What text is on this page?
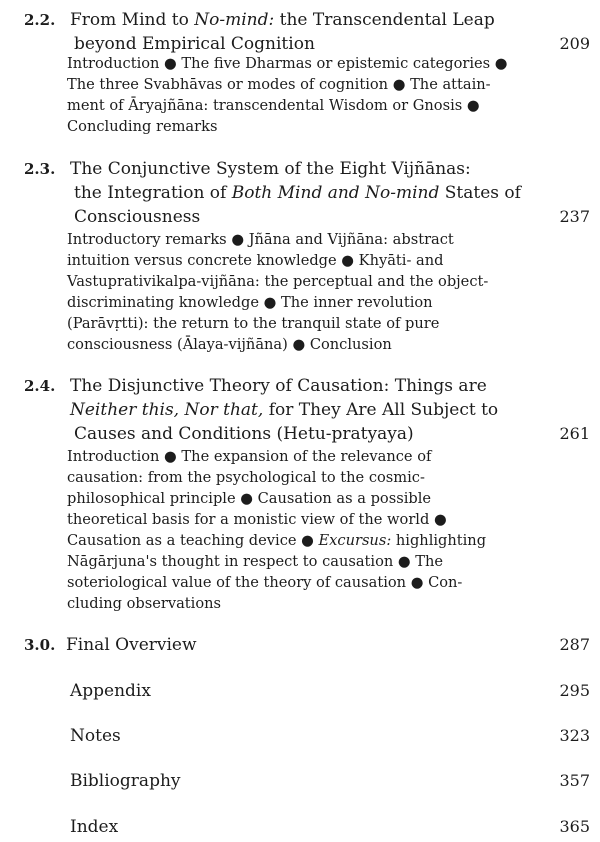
2.2. From Mind to No-mind: the Transcendental Leap
beyond Empirical Cognition	209
Introduction ● The five Dharmas or epistemic categories ●
The three Svabhāvas or modes of cognition ● The attain-
ment of Āryajñāna: transcendental Wisdom or Gnosis ●
Concluding remarks
2.3. The Conjunctive System of the Eight Vijñānas:
the Integration of Both Mind and No-mind States of
Consciousness	237
Introductory remarks ● Jñāna and Vijñāna: abstract
intuition versus concrete knowledge ● Khyāti- and
Vastuprativikalpa-vijñāna: the perceptual and the object-
discriminating knowledge ● The inner revolution
(Parāvṛtti): the return to the tranquil state of pure
consciousness (Ālaya-vijñāna) ● Conclusion
2.4. The Disjunctive Theory of Causation: Things are
Neither this, Nor that, for They Are All Subject to
Causes and Conditions (Hetu-pratyaya)	261
Introduction ● The expansion of the relevance of
causation: from the psychological to the cosmic-
philosophical principle ● Causation as a possible
theoretical basis for a monistic view of the world ●
Causation as a teaching device ● Excursus: highlighting
Nāgārjuna's thought in respect to causation ● The
soteriological value of the theory of causation ● Con-
cluding observations
3.0. Final Overview	287
Appendix	295
Notes	323
Bibliography	357
Index	365
